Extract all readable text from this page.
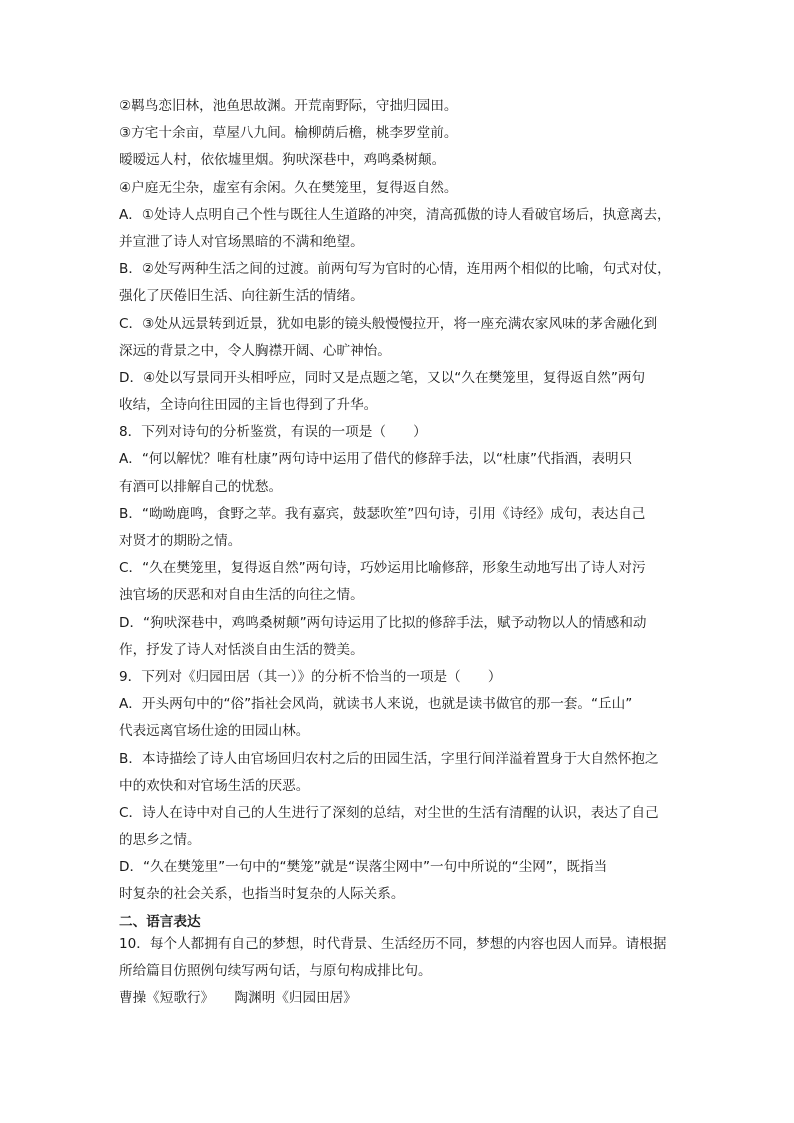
②羁鸟恋旧林，池鱼思故渊。开荒南野际，守拙归园田。
③方宅十余亩，草屋八九间。榆柳荫后檐，桃李罗堂前。
暧暧远人村，依依墟里烟。狗吠深巷中，鸡鸣桑树颠。
④户庭无尘杂，虚室有余闲。久在樊笼里，复得返自然。
A．①处诗人点明自己个性与既往人生道路的冲突，清高孤傲的诗人看破官场后，执意离去，
并宣泄了诗人对官场黑暗的不满和绝望。
B．②处写两种生活之间的过渡。前两句写为官时的心情，连用两个相似的比喻，句式对仗，
强化了厌倦旧生活、向往新生活的情绪。
C．③处从远景转到近景，犹如电影的镜头般慢慢拉开，将一座充满农家风味的茅舍融化到
深远的背景之中，令人胸襟开阔、心旷神怡。
D．④处以写景同开头相呼应，同时又是点题之笔，又以“久在樊笼里，复得返自然”两句
收结，全诗向往田园的主旨也得到了升华。
8．下列对诗句的分析鉴赏，有误的一项是（　　）
A．“何以解忧？唯有杜康”两句诗中运用了借代的修辞手法，以“杜康”代指酒，表明只
有酒可以排解自己的忧愁。
B．“呦呦鹿鸣，食野之苹。我有嘉宾，鼓瑟吹笙”四句诗，引用《诗经》成句，表达自己
对贤才的期盼之情。
C．“久在樊笼里，复得返自然”两句诗，巧妙运用比喻修辞，形象生动地写出了诗人对污
浊官场的厌恶和对自由生活的向往之情。
D．“狗吠深巷中，鸡鸣桑树颠”两句诗运用了比拟的修辞手法，赋予动物以人的情感和动
作，抒发了诗人对恬淡自由生活的赞美。
9．下列对《归园田居（其一）》的分析不恰当的一项是（　　）
A．开头两句中的“俗”指社会风尚，就读书人来说，也就是读书做官的那一套。“丘山”
代表远离官场仕途的田园山林。
B．本诗描绘了诗人由官场回归农村之后的田园生活，字里行间洋溢着置身于大自然怀抱之
中的欢快和对官场生活的厌恶。
C．诗人在诗中对自己的人生进行了深刻的总结，对尘世的生活有清醒的认识，表达了自己
的思乡之情。
D．“久在樊笼里”一句中的“樊笼”就是“误落尘网中”一句中所说的“尘网”，既指当
时复杂的社会关系，也指当时复杂的人际关系。
二、语言表达
10．每个人都拥有自己的梦想，时代背景、生活经历不同，梦想的内容也因人而异。请根据
所给篇目仿照例句续写两句话，与原句构成排比句。
曹操《短歌行》　　陶渊明《归园田居》
